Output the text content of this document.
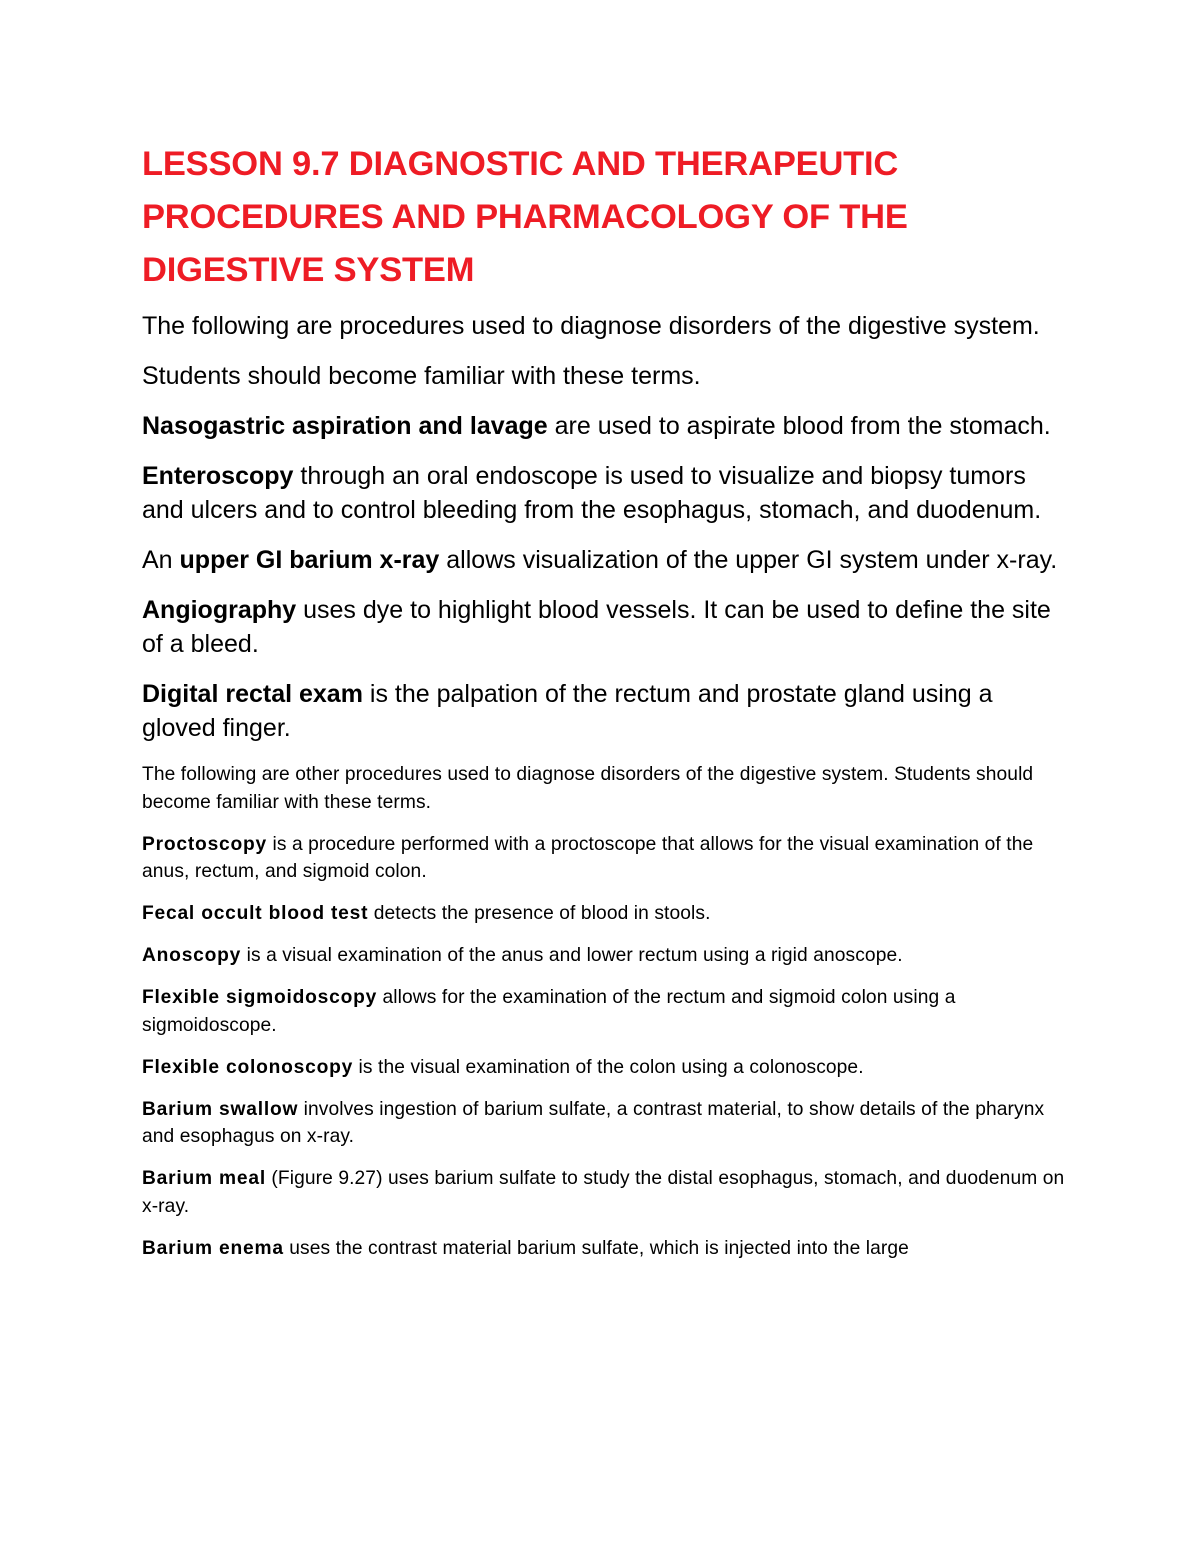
LESSON 9.7 DIAGNOSTIC AND THERAPEUTIC PROCEDURES AND PHARMACOLOGY OF THE DIGESTIVE SYSTEM

The following are procedures used to diagnose disorders of the digestive system.

Students should become familiar with these terms.

Nasogastric aspiration and lavage are used to aspirate blood from the stomach.

Enteroscopy through an oral endoscope is used to visualize and biopsy tumors and ulcers and to control bleeding from the esophagus, stomach, and duodenum.

An upper GI barium x-ray allows visualization of the upper GI system under x-ray.

Angiography uses dye to highlight blood vessels. It can be used to define the site of a bleed.

Digital rectal exam is the palpation of the rectum and prostate gland using a gloved finger.

The following are other procedures used to diagnose disorders of the digestive system. Students should become familiar with these terms.

Proctoscopy is a procedure performed with a proctoscope that allows for the visual examination of the anus, rectum, and sigmoid colon.

Fecal occult blood test detects the presence of blood in stools.

Anoscopy is a visual examination of the anus and lower rectum using a rigid anoscope.

Flexible sigmoidoscopy allows for the examination of the rectum and sigmoid colon using a sigmoidoscope.

Flexible colonoscopy is the visual examination of the colon using a colonoscope.

Barium swallow involves ingestion of barium sulfate, a contrast material, to show details of the pharynx and esophagus on x-ray.

Barium meal (Figure 9.27) uses barium sulfate to study the distal esophagus, stomach, and duodenum on x-ray.

Barium enema uses the contrast material barium sulfate, which is injected into the large
